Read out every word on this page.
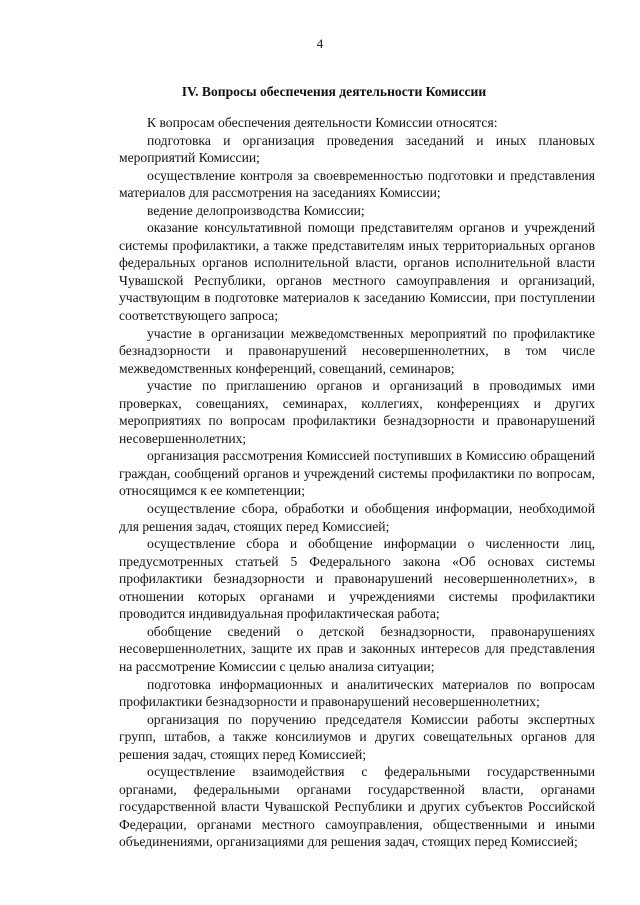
4
IV. Вопросы обеспечения деятельности Комиссии

К вопросам обеспечения деятельности Комиссии относятся:

подготовка и организация проведения заседаний и иных плановых мероприятий Комиссии;

осуществление контроля за своевременностью подготовки и представления материалов для рассмотрения на заседаниях Комиссии;

ведение делопроизводства Комиссии;

оказание консультативной помощи представителям органов и учреждений системы профилактики, а также представителям иных территориальных органов федеральных органов исполнительной власти, органов исполнительной власти Чувашской Республики, органов местного самоуправления и организаций, участвующим в подготовке материалов к заседанию Комиссии, при поступлении соответствующего запроса;

участие в организации межведомственных мероприятий по профилактике безнадзорности и правонарушений несовершеннолетних, в том числе межведомственных конференций, совещаний, семинаров;

участие по приглашению органов и организаций в проводимых ими проверках, совещаниях, семинарах, коллегиях, конференциях и других мероприятиях по вопросам профилактики безнадзорности и правонарушений несовершеннолетних;

организация рассмотрения Комиссией поступивших в Комиссию обращений граждан, сообщений органов и учреждений системы профилактики по вопросам, относящимся к ее компетенции;

осуществление сбора, обработки и обобщения информации, необходимой для решения задач, стоящих перед Комиссией;

осуществление сбора и обобщение информации о численности лиц, предусмотренных статьей 5 Федерального закона «Об основах системы профилактики безнадзорности и правонарушений несовершеннолетних», в отношении которых органами и учреждениями системы профилактики проводится индивидуальная профилактическая работа;

обобщение сведений о детской безнадзорности, правонарушениях несовершеннолетних, защите их прав и законных интересов для представления на рассмотрение Комиссии с целью анализа ситуации;

подготовка информационных и аналитических материалов по вопросам профилактики безнадзорности и правонарушений несовершеннолетних;

организация по поручению председателя Комиссии работы экспертных групп, штабов, а также консилиумов и других совещательных органов для решения задач, стоящих перед Комиссией;

осуществление взаимодействия с федеральными государственными органами, федеральными органами государственной власти, органами государственной власти Чувашской Республики и других субъектов Российской Федерации, органами местного самоуправления, общественными и иными объединениями, организациями для решения задач, стоящих перед Комиссией;
